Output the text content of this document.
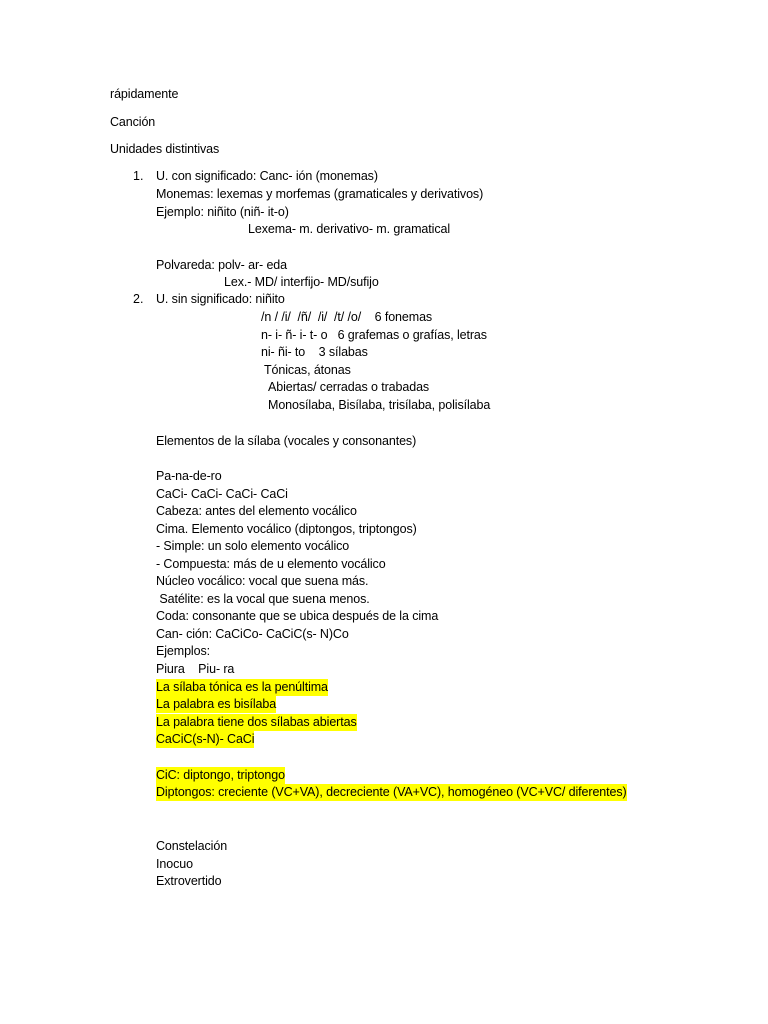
rápidamente
Canción
Unidades distintivas
1. U. con significado: Canc- ión (monemas)
Monemas: lexemas y morfemas (gramaticales y derivativos)
Ejemplo: niñito (niñ- it-o)
Lexema- m. derivativo- m. gramatical
Polvareda: polv- ar- eda
Lex.- MD/ interfijo- MD/sufijo
2. U. sin significado: niñito
/n / /i/  /ñ/  /i/  /t/ /o/    6 fonemas
n- i- ñ- i- t- o   6 grafemas o grafías, letras
ni- ñi- to    3 sílabas
Tónicas, átonas
Abiertas/ cerradas o trabadas
Monosílaba, Bisílaba, trisílaba, polisílaba
Elementos de la sílaba (vocales y consonantes)
Pa-na-de-ro
CaCi- CaCi- CaCi- CaCi
Cabeza: antes del elemento vocálico
Cima. Elemento vocálico (diptongos, triptongos)
- Simple: un solo elemento vocálico
- Compuesta: más de u elemento vocálico
Núcleo vocálico: vocal que suena más.
Satélite: es la vocal que suena menos.
Coda: consonante que se ubica después de la cima
Can- ción: CaCiCo- CaCiC(s- N)Co
Ejemplos:
Piura    Piu- ra
La sílaba tónica es la penúltima
La palabra es bisílaba
La palabra tiene dos sílabas abiertas
CaCiC(s-N)- CaCi
CiC: diptongo, triptongo
Diptongos: creciente (VC+VA), decreciente (VA+VC), homogéneo (VC+VC/ diferentes)
Constelación
Inocuo
Extrovertido
